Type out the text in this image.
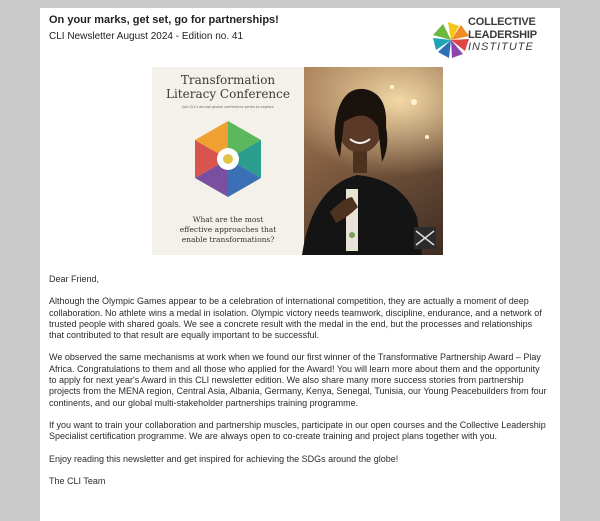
On your marks, get set, go for partnerships!
CLI Newsletter August 2024 - Edition no. 41
COLLECTIVE
LEADERSHIP
INSTITUTE
Transformation
Literacy Conference
Join CLI's annual global conference series to explore
What are the most
effective approaches that
enable transformations?

Dear Friend,

Although the Olympic Games appear to be a celebration of international competition, they are actually a moment of deep collaboration. No athlete wins a medal in isolation. Olympic victory needs teamwork, discipline, endurance, and a network of trusted people with shared goals. We see a concrete result with the medal in the end, but the processes and relationships that contributed to that result are equally important to be successful.

We observed the same mechanisms at work when we found our first winner of the Transformative Partnership Award – Play Africa. Congratulations to them and all those who applied for the Award! You will learn more about them and the opportunity to apply for next year's Award in this CLI newsletter edition. We also share many more success stories from partnership projects from the MENA region, Central Asia, Albania, Germany, Kenya, Senegal, Tunisia, our Young Peacebuilders from four continents, and our global multi-stakeholder partnerships training programme.

If you want to train your collaboration and partnership muscles, participate in our open courses and the Collective Leadership Specialist certification programme. We are always open to co-create training and project plans together with you.

Enjoy reading this newsletter and get inspired for achieving the SDGs around the globe!

The CLI Team
